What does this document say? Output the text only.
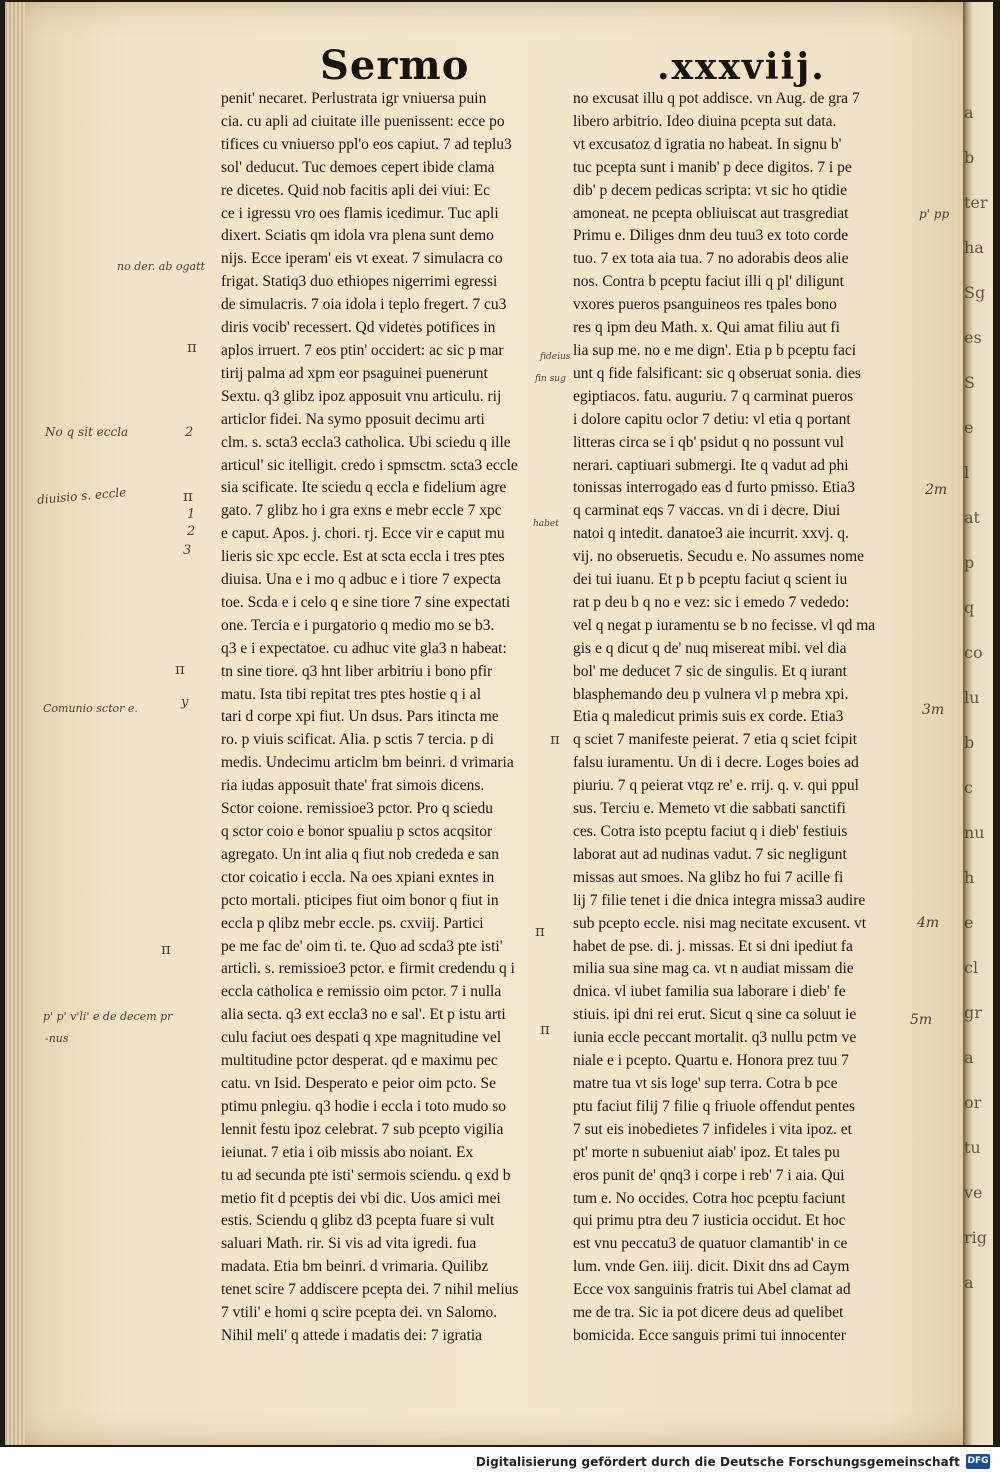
Sermo	.xxxviij.
penit' necaret. Perlustrata igr vniuersa puin
cia. cu apli ad ciuitate ille puenissent: ecce po
tifices cu vniuerso ppl'o eos capiut. 7 ad teplu3
sol' deducut. Tuc demoes cepert ibide clama
re dicetes. Quid nob facitis apli dei viui: Ec
ce i igressu vro oes flamis icedimur. Tuc apli
dixert. Sciatis qm idola vra plena sunt demo
nijs. Ecce iperam' eis vt exeat. 7 simulacra co
frigat. Statiq3 duo ethiopes nigerrimi egressi
de simulacris. 7 oia idola i teplo fregert. 7 cu3
diris vocib' recessert. Qd videtes potifices in
aplos irruert. 7 eos ptin' occidert: ac sic p mar
tirij palma ad xpm eor psaguinei puenerunt
Sextu. q3 glibz ipoz apposuit vnu articulu. rij
articlor fidei. Na symo pposuit decimu arti
clm. s. scta3 eccla3 catholica. Ubi sciedu q ille
articul' sic itelligit. credo i spmsctm. scta3 eccle
sia scificate. Ite sciedu q eccla e fidelium agre
gato. 7 glibz ho i gra exns e mebr eccle 7 xpc
e caput. Apos. j. chori. rj. Ecce vir e caput mu
lieris sic xpc eccle. Est at scta eccla i tres ptes
diuisa. Una e i mo q adbuc e i tiore 7 expecta
toe. Scda e i celo q e sine tiore 7 sine expectati
one. Tercia e i purgatorio q medio mo se b3.
q3 e i expectatoe. cu adhuc vite gla3 n habeat:
tn sine tiore. q3 hnt liber arbitriu i bono pfir
matu. Ista tibi repitat tres ptes hostie q i al
tari d corpe xpi fiut. Un dsus. Pars itincta me
ro. p viuis scificat. Alia. p sctis 7 tercia. p di
medis. Undecimu articlm bm beinri. d vrimaria
ria iudas apposuit thate' frat simois dicens.
Sctor coione. remissioe3 pctor. Pro q sciedu
q sctor coio e bonor spualiu p sctos acqsitor
agregato. Un int alia q fiut nob crededa e san
ctor coicatio i eccla. Na oes xpiani exntes in
pcto mortali. pticipes fiut oim bonor q fiut in
eccla p qlibz mebr eccle. ps. cxviij. Partici
pe me fac de' oim ti. te. Quo ad scda3 pte isti'
articli. s. remissioe3 pctor. e firmit credendu q i
eccla catholica e remissio oim pctor. 7 i nulla
alia secta. q3 ext eccla3 no e sal'. Et p istu arti
culu faciut oes despati q xpe magnitudine vel
multitudine pctor desperat. qd e maximu pec
catu. vn Isid. Desperato e peior oim pcto. Se
ptimu pnlegiu. q3 hodie i eccla i toto mudo so
lennit festu ipoz celebrat. 7 sub pcepto vigilia
ieiunat. 7 etia i oib missis abo noiant. Ex
tu ad secunda pte isti' sermois sciendu. q exd b
metio fit d pceptis dei vbi dic. Uos amici mei
estis. Sciendu q glibz d3 pcepta fuare si vult
saluari Math. rir. Si vis ad vita igredi. fua
madata. Etia bm beinri. d vrimaria. Quilibz
tenet scire 7 addiscere pcepta dei. 7 nihil melius
7 vtili' e homi q scire pcepta dei. vn Salomo.
Nihil meli' q attede i madatis dei: 7 igratia
no excusat illu q pot addisce. vn Aug. de gra 7
libero arbitrio. Ideo diuina pcepta sut data.
vt excusatoz d igratia no habeat. In signu b'
tuc pcepta sunt i manib' p dece digitos. 7 i pe
dib' p decem pedicas scripta: vt sic ho qtidie
amoneat. ne pcepta obliuiscat aut trasgrediat
Primu e. Diliges dnm deu tuu3 ex toto corde
tuo. 7 ex tota aia tua. 7 no adorabis deos alie
nos. Contra b pceptu faciut illi q pl' diligunt
vxores pueros psanguineos res tpales bono
res q ipm deu Math. x. Qui amat filiu aut fi
lia sup me. no e me dign'. Etia p b pceptu faci
unt q fide falsificant: sic q obseruat sonia. dies
egiptiacos. fatu. auguriu. 7 q carminat pueros
i dolore capitu oclor 7 detiu: vl etia q portant
litteras circa se i qb' psidut q no possunt vul
nerari. captiuari submergi. Ite q vadut ad phi
tonissas interrogado eas d furto pmisso. Etia3
q carminat eqs 7 vaccas. vn di i decre. Diui
natoi q intedit. danatoe3 aie incurrit. xxvj. q.
vij. no obseruetis. Secudu e. No assumes nome
dei tui iuanu. Et p b pceptu faciut q scient iu
rat p deu b q no e vez: sic i emedo 7 vededo:
vel q negat p iuramentu se b no fecisse. vl qd ma
gis e q dicut q de' nuq misereat mibi. vel dia
bol' me deducet 7 sic de singulis. Et q iurant
blasphemando deu p vulnera vl p mebra xpi.
Etia q maledicut primis suis ex corde. Etia3
q sciet 7 manifeste peierat. 7 etia q sciet fcipit
falsu iuramentu. Un di i decre. Loges boies ad
piuriu. 7 q peierat vtqz re' e. rrij. q. v. qui ppul
sus. Terciu e. Memeto vt die sabbati sanctifi
ces. Cotra isto pceptu faciut q i dieb' festiuis
laborat aut ad nudinas vadut. 7 sic negligunt
missas aut smoes. Na glibz ho fui 7 acille fi
lij 7 filie tenet i die dnica integra missa3 audire
sub pcepto eccle. nisi mag necitate excusent. vt
habet de pse. di. j. missas. Et si dni ipediut fa
milia sua sine mag ca. vt n audiat missam die
dnica. vl iubet familia sua laborare i dieb' fe
stiuis. ipi dni rei erut. Sicut q sine ca soluut ie
iunia eccle peccant mortalit. q3 nullu pctm ve
niale e i pcepto. Quartu e. Honora prez tuu 7
matre tua vt sis loge' sup terra. Cotra b pce
ptu faciut filij 7 filie q friuole offendut pentes
7 sut eis inobedietes 7 infideles i vita ipoz. et
pt' morte n subueniut aiab' ipoz. Et tales pu
eros punit de' qnq3 i corpe i reb' 7 i aia. Qui
tum e. No occides. Cotra hoc pceptu faciunt
qui primu ptra deu 7 iusticia occidut. Et hoc
est vnu peccatu3 de quatuor clamantib' in ce
lum. vnde Gen. iiij. dicit. Dixit dns ad Caym
Ecce vox sanguinis fratris tui Abel clamat ad
me de tra. Sic ia pot dicere deus ad quelibet
bomicida. Ecce sanguis primi tui innocenter
no der. ab ogatt
No q sit eccla
diuisio s. eccle
Comunio sctor e.
p' p' v'li' e de decem pr
-nus
π
π
π
π
π
π
π
1
2
3
2
y
fideius
fin sug
habet
p' pp
2m
3m
4m
5m
a
b
ter
ha
Sg
es
S
e
l
at
p
q
co
lu
b
c
nu
h
e
cl
gr
a
or
tu
ve
rig
a
Digitalisierung gefördert durch die Deutsche Forschungsgemeinschaft DFG
